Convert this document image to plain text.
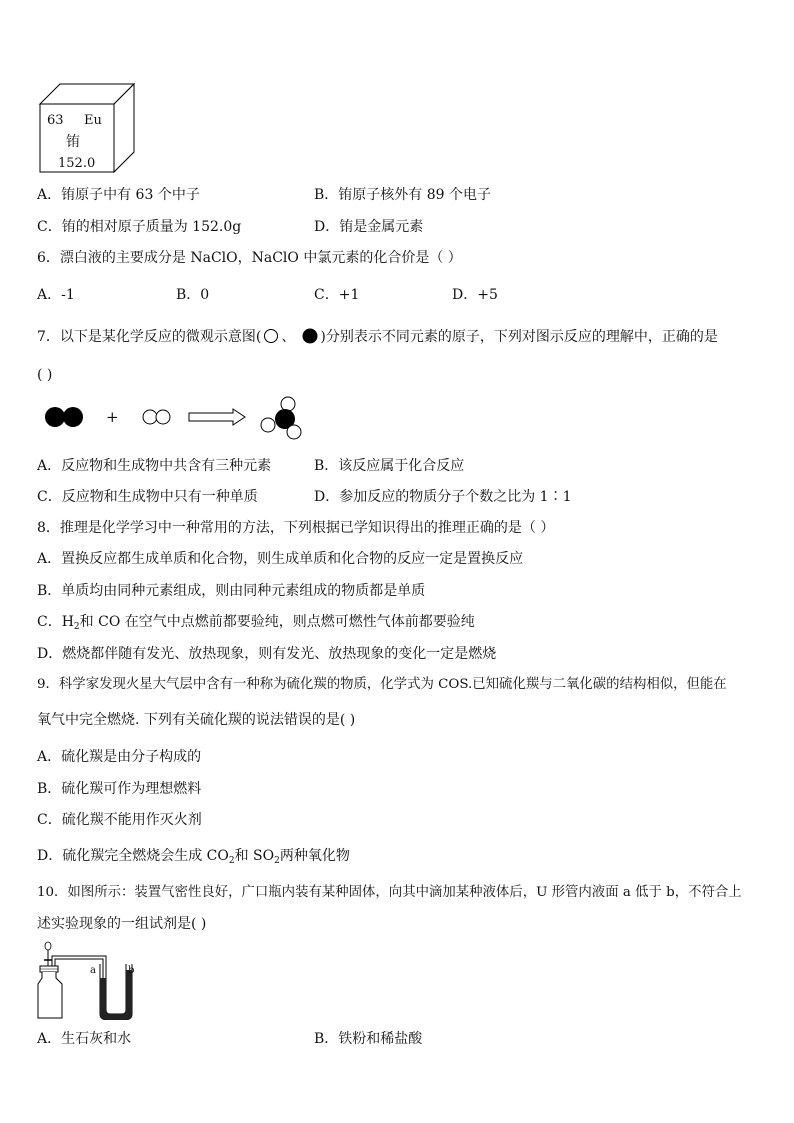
63 Eu
铕
152.0
A．铕原子中有 63 个中子	B．铕原子核外有 89 个电子
C．铕的相对原子质量为 152.0g	D．铕是金属元素
6．漂白液的主要成分是 NaClO，NaClO 中氯元素的化合价是（ ）
A．-1	B．0	C．+1	D．+5
7．以下是某化学反应的微观示意图( 、 )分别表示不同元素的原子，下列对图示反应的理解中，正确的是
( )
+
A．反应物和生成物中共含有三种元素	B．该反应属于化合反应
C．反应物和生成物中只有一种单质	D．参加反应的物质分子个数之比为 1∶1
8．推理是化学学习中一种常用的方法，下列根据已学知识得出的推理正确的是（ ）
A．置换反应都生成单质和化合物，则生成单质和化合物的反应一定是置换反应
B．单质均由同种元素组成，则由同种元素组成的物质都是单质
C．$H_2$和 CO 在空气中点燃前都要验纯，则点燃可燃性气体前都要验纯
D．燃烧都伴随有发光、放热现象，则有发光、放热现象的变化一定是燃烧
9．科学家发现火星大气层中含有一种称为硫化羰的物质，化学式为 COS.已知硫化羰与二氧化碳的结构相似，但能在
氧气中完全燃烧. 下列有关硫化羰的说法错误的是( )
A．硫化羰是由分子构成的
B．硫化羰可作为理想燃料
C．硫化羰不能用作灭火剂
D．硫化羰完全燃烧会生成 $CO_2$和 $SO_2$两种氧化物
10．如图所示：装置气密性良好，广口瓶内装有某种固体，向其中滴加某种液体后，U 形管内液面 a 低于 b，不符合上
述实验现象的一组试剂是( )
a	b
A．生石灰和水	B．铁粉和稀盐酸
